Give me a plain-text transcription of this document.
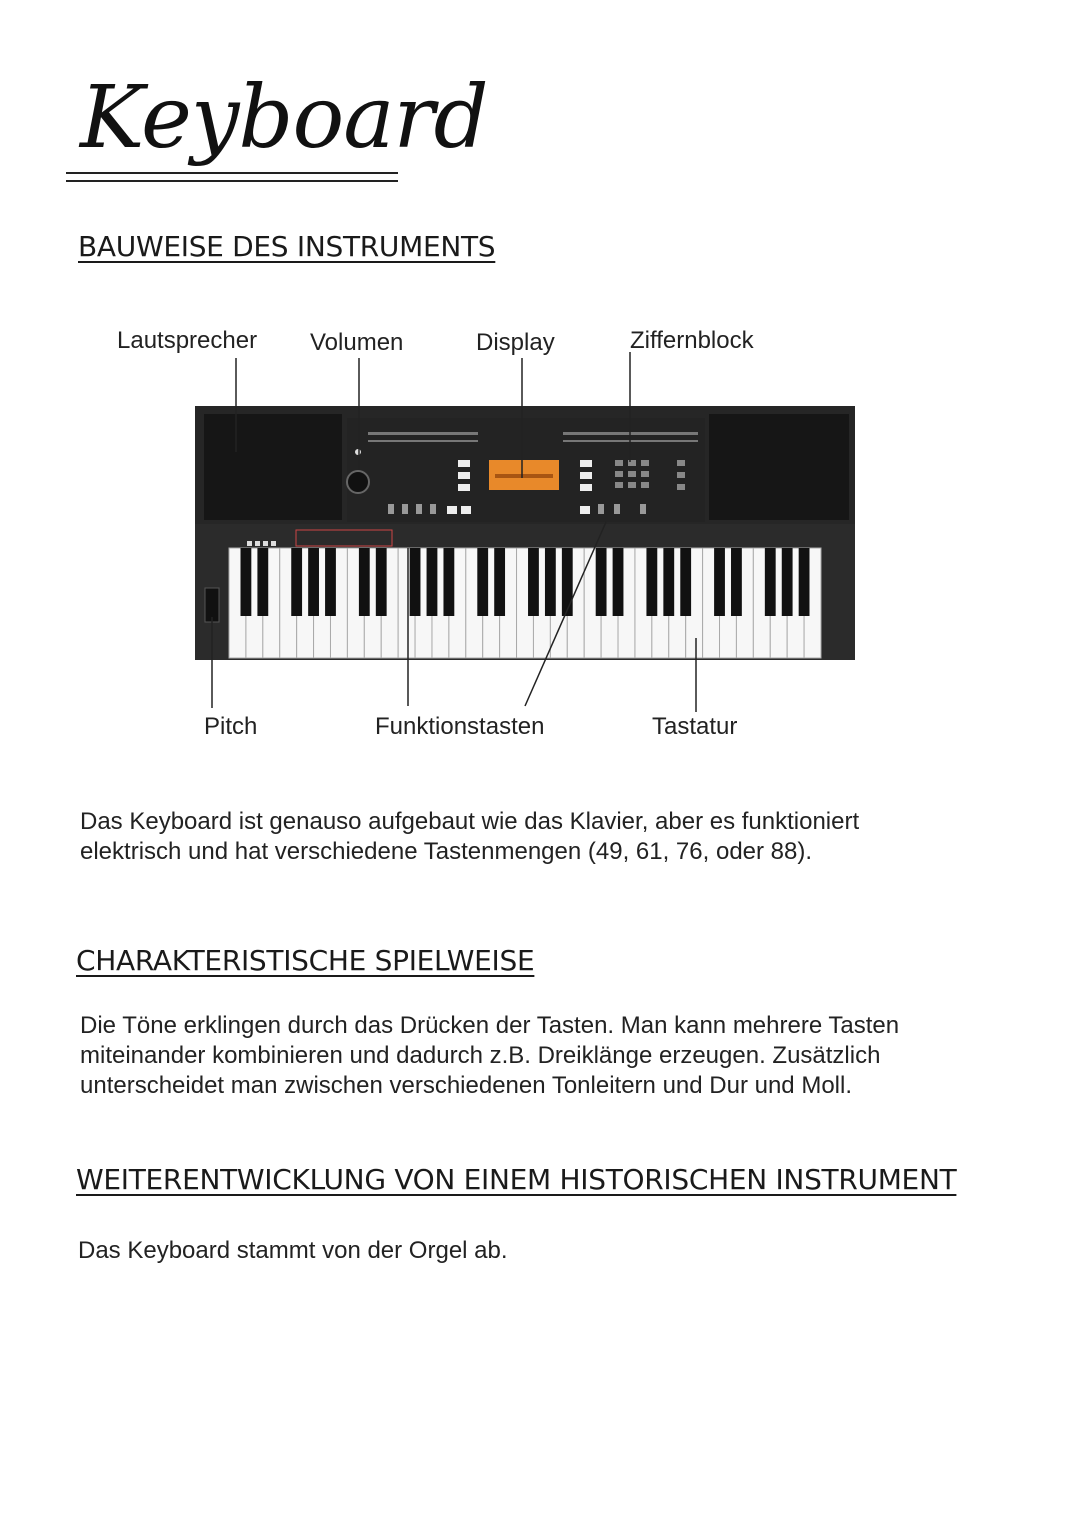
Keyboard
BAUWEISE DES INSTRUMENTS
Lautsprecher Volumen	Display	Ziffernblock
Pitch	Funktionstasten	Tastatur

Das Keyboard ist genauso aufgebaut wie das Klavier, aber es funktioniert elektrisch und hat verschiedene Tastenmengen (49, 61, 76, oder 88).

CHARAKTERISTISCHE SPIELWEISE

Die Töne erklingen durch das Drücken der Tasten. Man kann mehrere Tasten miteinander kombinieren und dadurch z.B. Dreiklänge erzeugen. Zusätzlich unterscheidet man zwischen verschiedenen Tonleitern und Dur und Moll.

WEITERENTWICKLUNG VON EINEM HISTORISCHEN INSTRUMENT

Das Keyboard stammt von der Orgel ab.
